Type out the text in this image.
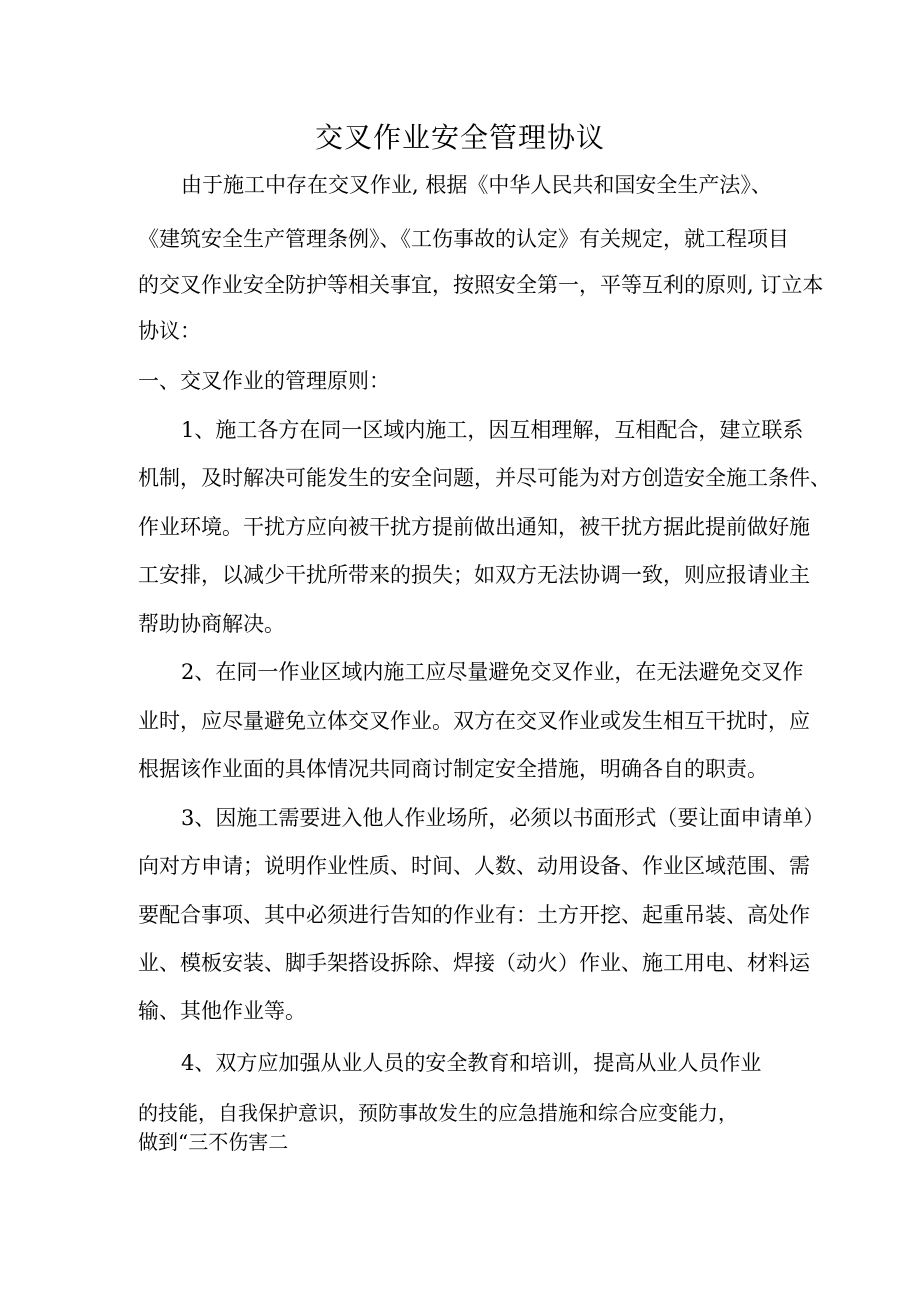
交叉作业安全管理协议
由于施工中存在交叉作业, 根据《中华人民共和国安全生产法》、
《建筑安全生产管理条例》、《工伤事故的认定》有关规定，就工程项目
的交叉作业安全防护等相关事宜，按照安全第一，平等互利的原则, 订立本
协议：
一、交叉作业的管理原则：
1、施工各方在同一区域内施工，因互相理解，互相配合，建立联系
机制，及时解决可能发生的安全问题，并尽可能为对方创造安全施工条件、
作业环境。干扰方应向被干扰方提前做出通知，被干扰方据此提前做好施
工安排，以减少干扰所带来的损失；如双方无法协调一致，则应报请业主
帮助协商解决。
2、在同一作业区域内施工应尽量避免交叉作业，在无法避免交叉作
业时，应尽量避免立体交叉作业。双方在交叉作业或发生相互干扰时，应
根据该作业面的具体情况共同商讨制定安全措施，明确各自的职责。
3、因施工需要进入他人作业场所，必须以书面形式（要让面申请单）
向对方申请；说明作业性质、时间、人数、动用设备、作业区域范围、需
要配合事项、其中必须进行告知的作业有：土方开挖、起重吊装、高处作
业、模板安装、脚手架搭设拆除、焊接（动火）作业、施工用电、材料运
输、其他作业等。
4、双方应加强从业人员的安全教育和培训，提高从业人员作业
的技能，自我保护意识，预防事故发生的应急措施和综合应变能力，
做到“三不伤害二
